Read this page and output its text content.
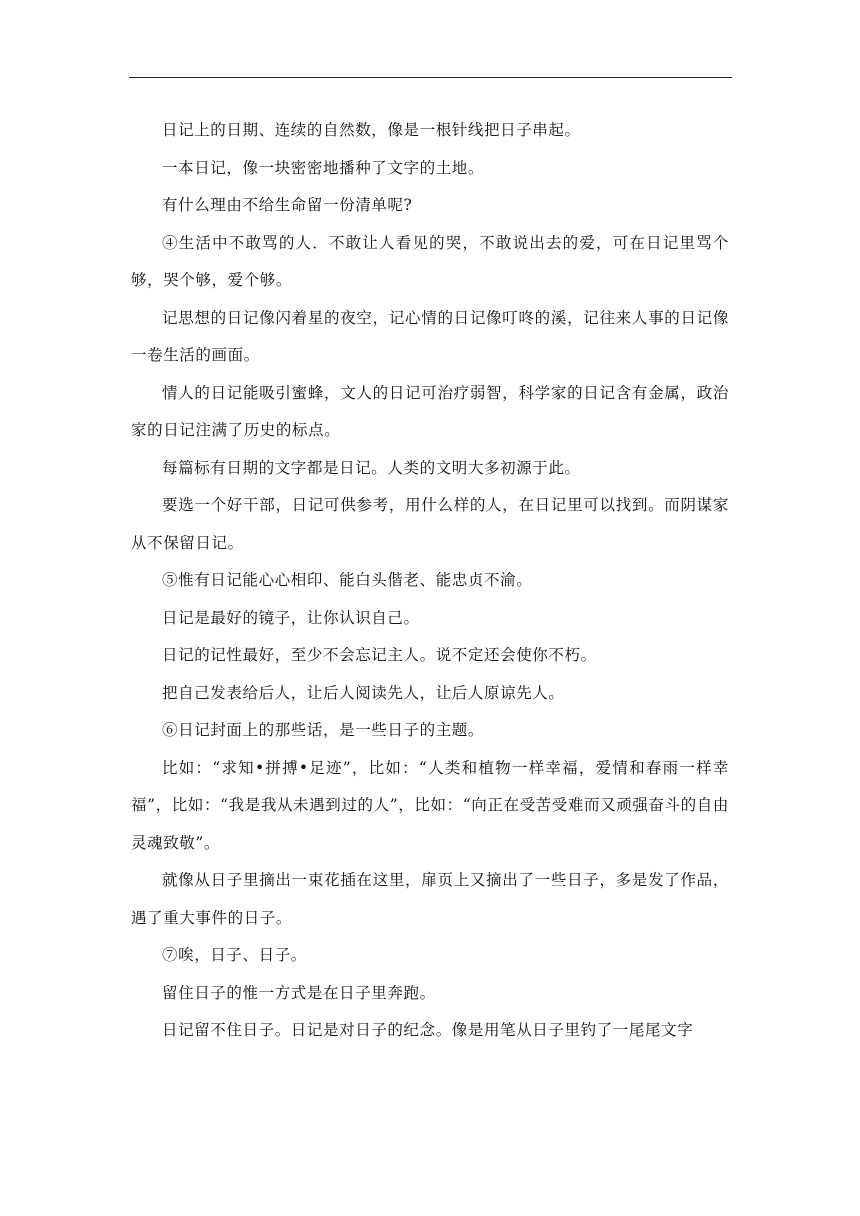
日记上的日期、连续的自然数，像是一根针线把日子串起。

一本日记，像一块密密地播种了文字的土地。

有什么理由不给生命留一份清单呢?

④生活中不敢骂的人．不敢让人看见的哭，不敢说出去的爱，可在日记里骂个够，哭个够，爱个够。

记思想的日记像闪着星的夜空，记心情的日记像叮咚的溪，记往来人事的日记像一卷生活的画面。

情人的日记能吸引蜜蜂，文人的日记可治疗弱智，科学家的日记含有金属，政治家的日记注满了历史的标点。

每篇标有日期的文字都是日记。人类的文明大多初源于此。

要选一个好干部，日记可供参考，用什么样的人，在日记里可以找到。而阴谋家从不保留日记。

⑤惟有日记能心心相印、能白头偕老、能忠贞不渝。

日记是最好的镜子，让你认识自己。

日记的记性最好，至少不会忘记主人。说不定还会使你不朽。

把自己发表给后人，让后人阅读先人，让后人原谅先人。

⑥日记封面上的那些话，是一些日子的主题。

比如：“求知•拼搏•足迹”，比如：“人类和植物一样幸福，爱情和春雨一样幸福”，比如：“我是我从未遇到过的人”，比如：“向正在受苦受难而又顽强奋斗的自由灵魂致敬”。

就像从日子里摘出一束花插在这里，扉页上又摘出了一些日子，多是发了作品，遇了重大事件的日子。

⑦唉，日子、日子。

留住日子的惟一方式是在日子里奔跑。

日记留不住日子。日记是对日子的纪念。像是用笔从日子里钓了一尾尾文字
